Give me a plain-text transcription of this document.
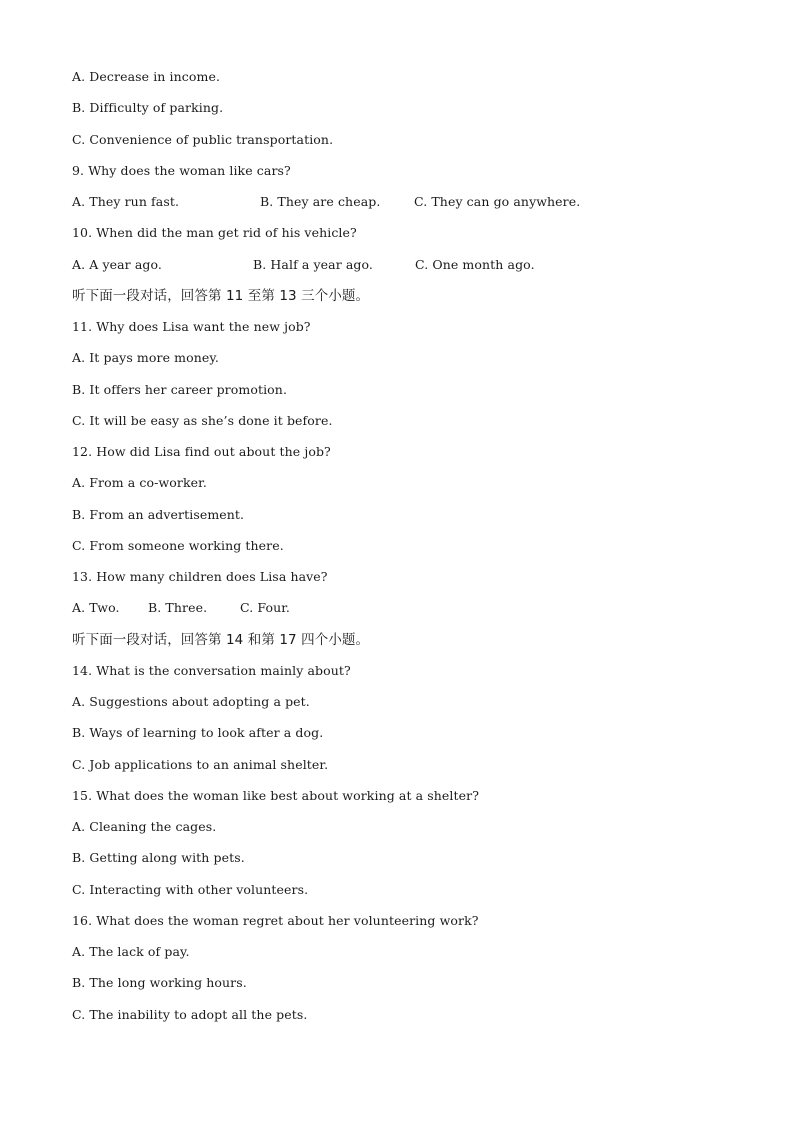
A. Decrease in income.
B. Difficulty of parking.
C. Convenience of public transportation.
9. Why does the woman like cars?
A. They run fast.	B. They are cheap.	C. They can go anywhere.
10. When did the man get rid of his vehicle?
A. A year ago.	B. Half a year ago.	C. One month ago.
听下面一段对话，回答第 11 至第 13 三个小题。
11. Why does Lisa want the new job?
A. It pays more money.
B. It offers her career promotion.
C. It will be easy as she’s done it before.
12. How did Lisa find out about the job?
A. From a co-worker.
B. From an advertisement.
C. From someone working there.
13. How many children does Lisa have?
A. Two. B. Three.	C. Four.
听下面一段对话，回答第 14 和第 17 四个小题。
14. What is the conversation mainly about?
A. Suggestions about adopting a pet.
B. Ways of learning to look after a dog.
C. Job applications to an animal shelter.
15. What does the woman like best about working at a shelter?
A. Cleaning the cages.
B. Getting along with pets.
C. Interacting with other volunteers.
16. What does the woman regret about her volunteering work?
A. The lack of pay.
B. The long working hours.
C. The inability to adopt all the pets.
